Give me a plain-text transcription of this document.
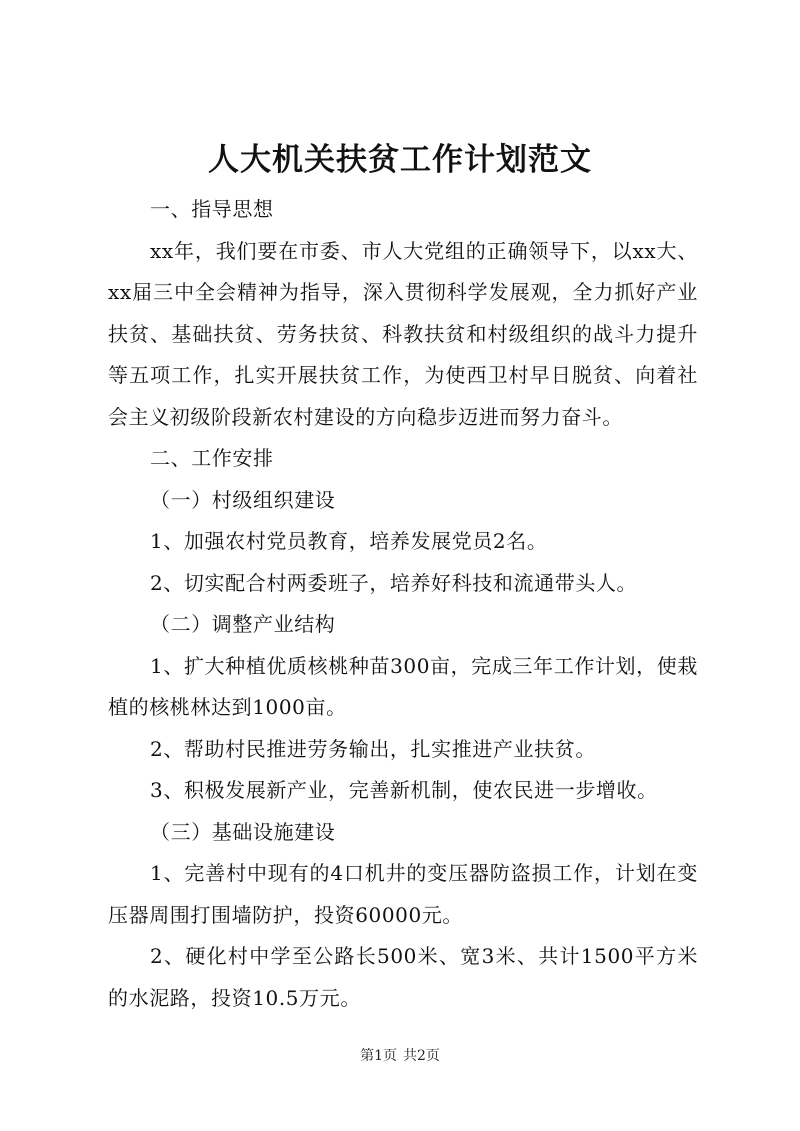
人大机关扶贫工作计划范文

一、指导思想

xx年，我们要在市委、市人大党组的正确领导下，以xx大、xx届三中全会精神为指导，深入贯彻科学发展观，全力抓好产业扶贫、基础扶贫、劳务扶贫、科教扶贫和村级组织的战斗力提升等五项工作，扎实开展扶贫工作，为使西卫村早日脱贫、向着社会主义初级阶段新农村建设的方向稳步迈进而努力奋斗。

二、工作安排

（一）村级组织建设

1、加强农村党员教育，培养发展党员2名。

2、切实配合村两委班子，培养好科技和流通带头人。

（二）调整产业结构

1、扩大种植优质核桃种苗300亩，完成三年工作计划，使栽植的核桃林达到1000亩。

2、帮助村民推进劳务输出，扎实推进产业扶贫。

3、积极发展新产业，完善新机制，使农民进一步增收。

（三）基础设施建设

1、完善村中现有的4口机井的变压器防盗损工作，计划在变压器周围打围墙防护，投资60000元。

2、硬化村中学至公路长500米、宽3米、共计1500平方米的水泥路，投资10.5万元。

第1页 共2页
